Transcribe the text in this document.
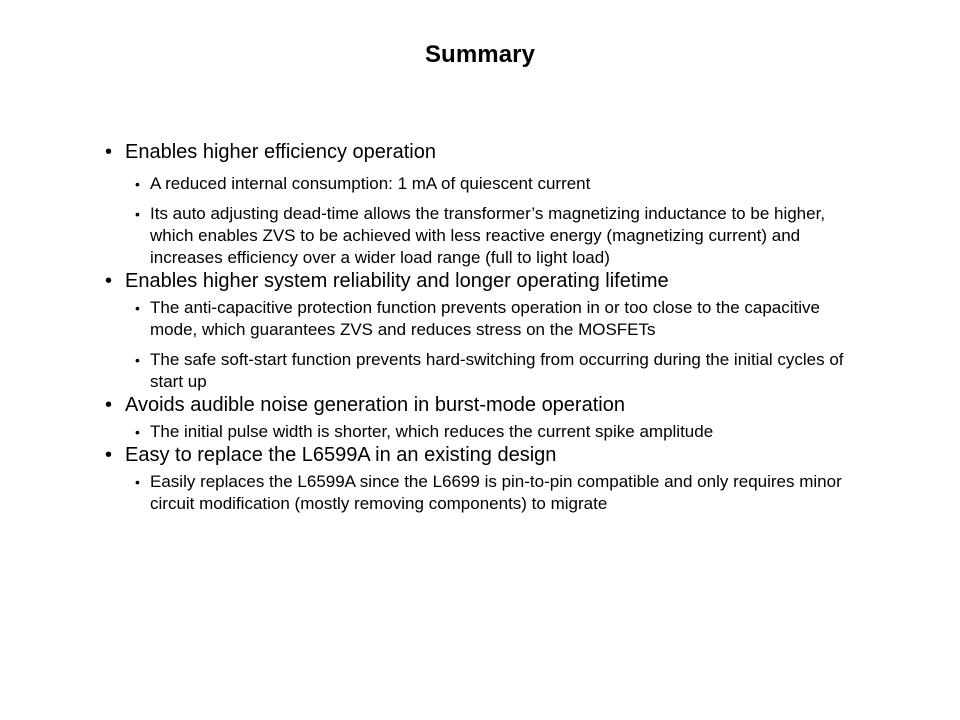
Summary
• Enables higher efficiency operation
• A reduced internal consumption: 1 mA of quiescent current
• Its auto adjusting dead-time allows the transformer’s magnetizing inductance to be higher, which enables ZVS to be achieved with less reactive energy (magnetizing current) and increases efficiency over a wider load range (full to light load)
• Enables higher system reliability and longer operating lifetime
• The anti-capacitive protection function prevents operation in or too close to the capacitive mode, which guarantees ZVS and reduces stress on the MOSFETs
• The safe soft-start function prevents hard-switching from occurring during the initial cycles of start up
• Avoids audible noise generation in burst-mode operation
• The initial pulse width is shorter, which reduces the current spike amplitude
• Easy to replace the L6599A in an existing design
• Easily replaces the L6599A since the L6699 is pin-to-pin compatible and only requires minor circuit modification (mostly removing components) to migrate
